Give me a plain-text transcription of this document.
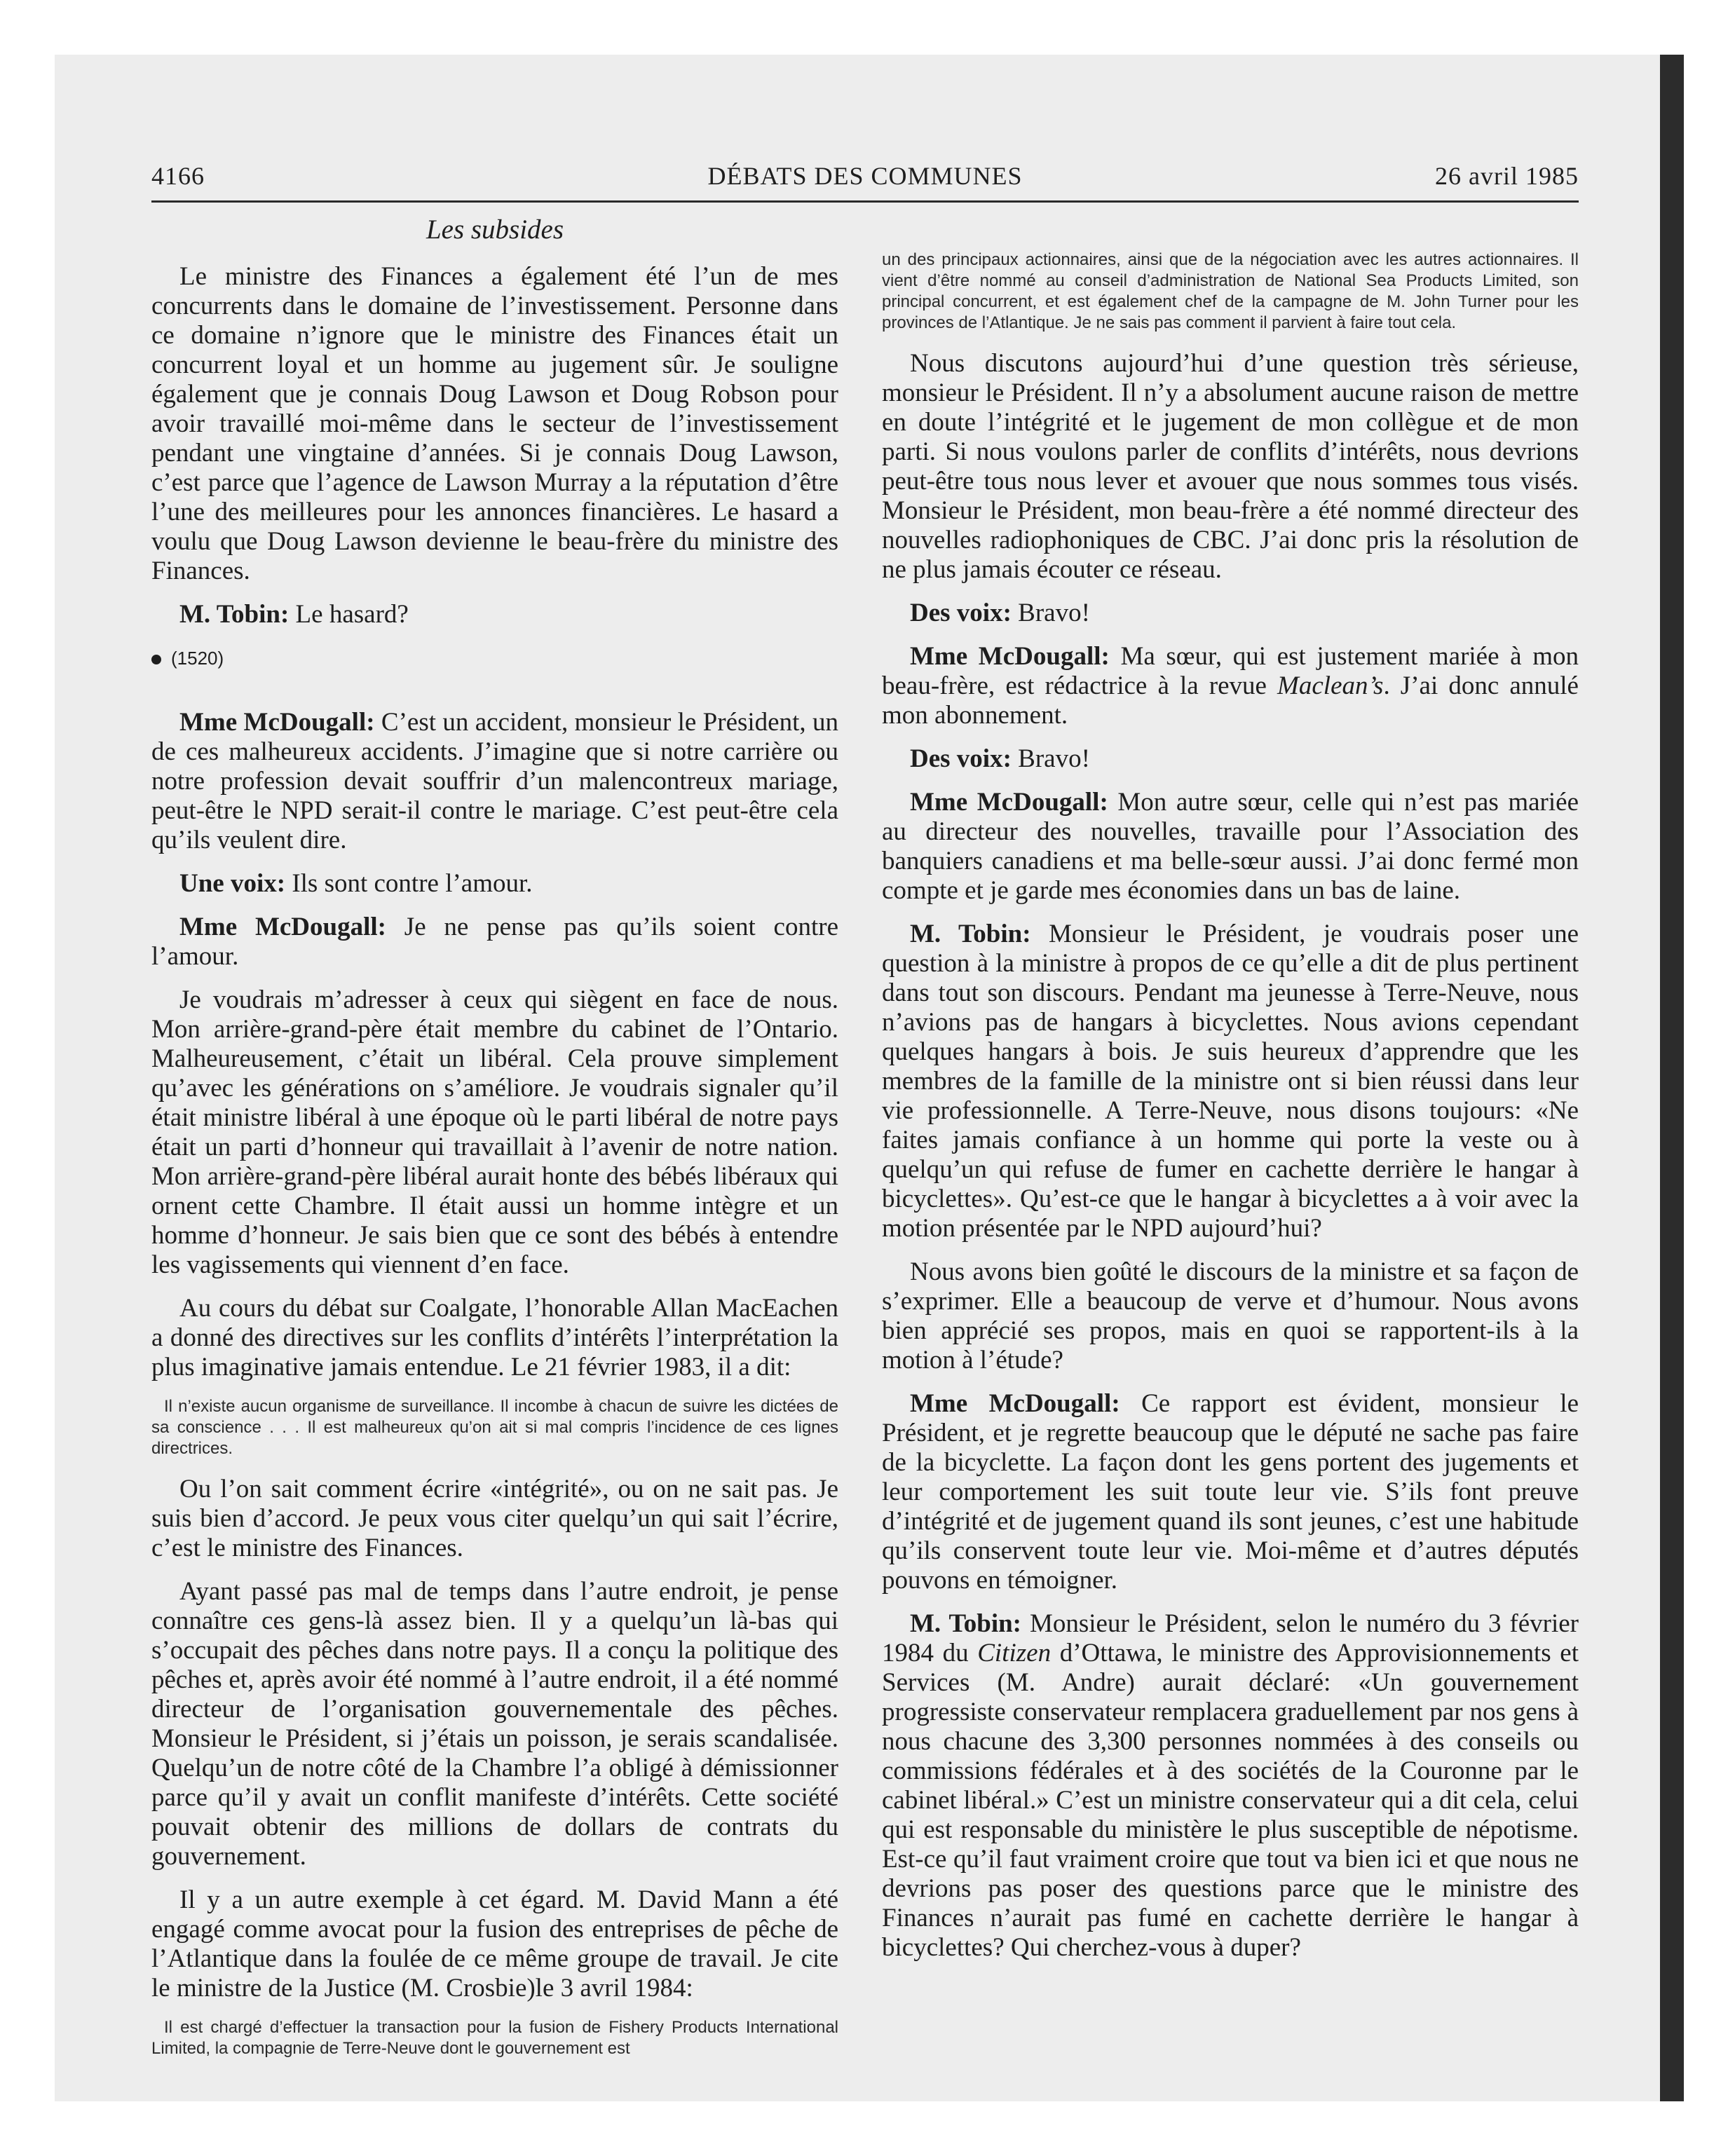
4166	DÉBATS DES COMMUNES	26 avril 1985
Les subsides

Le ministre des Finances a également été l’un de mes concurrents dans le domaine de l’investissement. Personne dans ce domaine n’ignore que le ministre des Finances était un concurrent loyal et un homme au jugement sûr. Je souligne également que je connais Doug Lawson et Doug Robson pour avoir travaillé moi-même dans le secteur de l’investissement pendant une vingtaine d’années. Si je connais Doug Lawson, c’est parce que l’agence de Lawson Murray a la réputation d’être l’une des meilleures pour les annonces financières. Le hasard a voulu que Doug Lawson devienne le beau-frère du ministre des Finances.

M. Tobin: Le hasard?

(1520)

Mme McDougall: C’est un accident, monsieur le Président, un de ces malheureux accidents. J’imagine que si notre carrière ou notre profession devait souffrir d’un malencontreux mariage, peut-être le NPD serait-il contre le mariage. C’est peut-être cela qu’ils veulent dire.

Une voix: Ils sont contre l’amour.

Mme McDougall: Je ne pense pas qu’ils soient contre l’amour.

Je voudrais m’adresser à ceux qui siègent en face de nous. Mon arrière-grand-père était membre du cabinet de l’Ontario. Malheureusement, c’était un libéral. Cela prouve simplement qu’avec les générations on s’améliore. Je voudrais signaler qu’il était ministre libéral à une époque où le parti libéral de notre pays était un parti d’honneur qui travaillait à l’avenir de notre nation. Mon arrière-grand-père libéral aurait honte des bébés libéraux qui ornent cette Chambre. Il était aussi un homme intègre et un homme d’honneur. Je sais bien que ce sont des bébés à entendre les vagissements qui viennent d’en face.

Au cours du débat sur Coalgate, l’honorable Allan MacEachen a donné des directives sur les conflits d’intérêts l’interprétation la plus imaginative jamais entendue. Le 21 février 1983, il a dit:

Il n’existe aucun organisme de surveillance. Il incombe à chacun de suivre les dictées de sa conscience . . . Il est malheureux qu’on ait si mal compris l’incidence de ces lignes directrices.

Ou l’on sait comment écrire «intégrité», ou on ne sait pas. Je suis bien d’accord. Je peux vous citer quelqu’un qui sait l’écrire, c’est le ministre des Finances.

Ayant passé pas mal de temps dans l’autre endroit, je pense connaître ces gens-là assez bien. Il y a quelqu’un là-bas qui s’occupait des pêches dans notre pays. Il a conçu la politique des pêches et, après avoir été nommé à l’autre endroit, il a été nommé directeur de l’organisation gouvernementale des pêches. Monsieur le Président, si j’étais un poisson, je serais scandalisée. Quelqu’un de notre côté de la Chambre l’a obligé à démissionner parce qu’il y avait un conflit manifeste d’intérêts. Cette société pouvait obtenir des millions de dollars de contrats du gouvernement.

Il y a un autre exemple à cet égard. M. David Mann a été engagé comme avocat pour la fusion des entreprises de pêche de l’Atlantique dans la foulée de ce même groupe de travail. Je cite le ministre de la Justice (M. Crosbie)le 3 avril 1984:

Il est chargé d’effectuer la transaction pour la fusion de Fishery Products International Limited, la compagnie de Terre-Neuve dont le gouvernement est

un des principaux actionnaires, ainsi que de la négociation avec les autres actionnaires. Il vient d’être nommé au conseil d’administration de National Sea Products Limited, son principal concurrent, et est également chef de la campagne de M. John Turner pour les provinces de l’Atlantique. Je ne sais pas comment il parvient à faire tout cela.

Nous discutons aujourd’hui d’une question très sérieuse, monsieur le Président. Il n’y a absolument aucune raison de mettre en doute l’intégrité et le jugement de mon collègue et de mon parti. Si nous voulons parler de conflits d’intérêts, nous devrions peut-être tous nous lever et avouer que nous sommes tous visés. Monsieur le Président, mon beau-frère a été nommé directeur des nouvelles radiophoniques de CBC. J’ai donc pris la résolution de ne plus jamais écouter ce réseau.

Des voix: Bravo!

Mme McDougall: Ma sœur, qui est justement mariée à mon beau-frère, est rédactrice à la revue Maclean’s. J’ai donc annulé mon abonnement.

Des voix: Bravo!

Mme McDougall: Mon autre sœur, celle qui n’est pas mariée au directeur des nouvelles, travaille pour l’Association des banquiers canadiens et ma belle-sœur aussi. J’ai donc fermé mon compte et je garde mes économies dans un bas de laine.

M. Tobin: Monsieur le Président, je voudrais poser une question à la ministre à propos de ce qu’elle a dit de plus pertinent dans tout son discours. Pendant ma jeunesse à Terre-Neuve, nous n’avions pas de hangars à bicyclettes. Nous avions cependant quelques hangars à bois. Je suis heureux d’apprendre que les membres de la famille de la ministre ont si bien réussi dans leur vie professionnelle. A Terre-Neuve, nous disons toujours: «Ne faites jamais confiance à un homme qui porte la veste ou à quelqu’un qui refuse de fumer en cachette derrière le hangar à bicyclettes». Qu’est-ce que le hangar à bicyclettes a à voir avec la motion présentée par le NPD aujourd’hui?

Nous avons bien goûté le discours de la ministre et sa façon de s’exprimer. Elle a beaucoup de verve et d’humour. Nous avons bien apprécié ses propos, mais en quoi se rapportent-ils à la motion à l’étude?

Mme McDougall: Ce rapport est évident, monsieur le Président, et je regrette beaucoup que le député ne sache pas faire de la bicyclette. La façon dont les gens portent des jugements et leur comportement les suit toute leur vie. S’ils font preuve d’intégrité et de jugement quand ils sont jeunes, c’est une habitude qu’ils conservent toute leur vie. Moi-même et d’autres députés pouvons en témoigner.

M. Tobin: Monsieur le Président, selon le numéro du 3 février 1984 du Citizen d’Ottawa, le ministre des Approvisionnements et Services (M. Andre) aurait déclaré: «Un gouvernement progressiste conservateur remplacera graduellement par nos gens à nous chacune des 3,300 personnes nommées à des conseils ou commissions fédérales et à des sociétés de la Couronne par le cabinet libéral.» C’est un ministre conservateur qui a dit cela, celui qui est responsable du ministère le plus susceptible de népotisme. Est-ce qu’il faut vraiment croire que tout va bien ici et que nous ne devrions pas poser des questions parce que le ministre des Finances n’aurait pas fumé en cachette derrière le hangar à bicyclettes? Qui cherchez-vous à duper?
